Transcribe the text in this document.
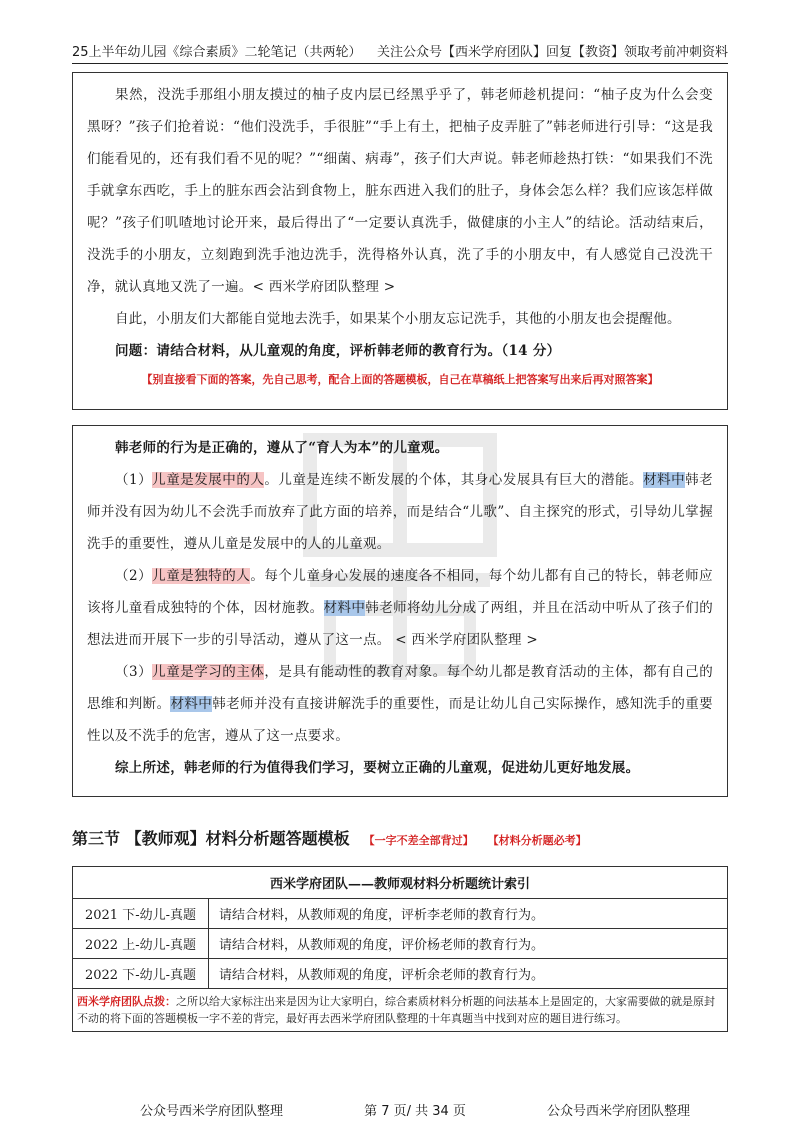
25上半年幼儿园《综合素质》二轮笔记（共两轮） 关注公众号【西米学府团队】回复【教资】领取考前冲刺资料

果然，没洗手那组小朋友摸过的柚子皮内层已经黑乎乎了，韩老师趁机提问：“柚子皮为什么会变黑呀？”孩子们抢着说：“他们没洗手，手很脏”“手上有土，把柚子皮弄脏了”韩老师进行引导：“这是我们能看见的，还有我们看不见的呢？”“细菌、病毒”，孩子们大声说。韩老师趁热打铁：“如果我们不洗手就拿东西吃，手上的脏东西会沾到食物上，脏东西进入我们的肚子，身体会怎么样？我们应该怎样做呢？”孩子们叽喳地讨论开来，最后得出了“一定要认真洗手，做健康的小主人”的结论。活动结束后，没洗手的小朋友，立刻跑到洗手池边洗手，洗得格外认真，洗了手的小朋友中，有人感觉自己没洗干净，就认真地又洗了一遍。< 西米学府团队整理 >

自此，小朋友们大都能自觉地去洗手，如果某个小朋友忘记洗手，其他的小朋友也会提醒他。

问题：请结合材料，从儿童观的角度，评析韩老师的教育行为。（14 分）

【别直接看下面的答案，先自己思考，配合上面的答题模板，自己在草稿纸上把答案写出来后再对照答案】

韩老师的行为是正确的，遵从了“育人为本”的儿童观。

（1）儿童是发展中的人。儿童是连续不断发展的个体，其身心发展具有巨大的潜能。材料中韩老师并没有因为幼儿不会洗手而放弃了此方面的培养，而是结合“儿歌”、自主探究的形式，引导幼儿掌握洗手的重要性，遵从儿童是发展中的人的儿童观。

（2）儿童是独特的人。每个儿童身心发展的速度各不相同，每个幼儿都有自己的特长，韩老师应该将儿童看成独特的个体，因材施教。材料中韩老师将幼儿分成了两组，并且在活动中听从了孩子们的想法进而开展下一步的引导活动，遵从了这一点。 < 西米学府团队整理 >

（3）儿童是学习的主体，是具有能动性的教育对象。每个幼儿都是教育活动的主体，都有自己的思维和判断。材料中韩老师并没有直接讲解洗手的重要性，而是让幼儿自己实际操作，感知洗手的重要性以及不洗手的危害，遵从了这一点要求。

综上所述，韩老师的行为值得我们学习，要树立正确的儿童观，促进幼儿更好地发展。

第三节 【教师观】材料分析题答题模板 【一字不差全部背过】 【材料分析题必考】
西米学府团队——教师观材料分析题统计索引	
2021 下-幼儿-真题	请结合材料，从教师观的角度，评析李老师的教育行为。
2022 上-幼儿-真题	请结合材料，从教师观的角度，评价杨老师的教育行为。
2022 下-幼儿-真题	请结合材料，从教师观的角度，评析余老师的教育行为。
西米学府团队点拨：之所以给大家标注出来是因为让大家明白，综合素质材料分析题的问法基本上是固定的，大家需要做的就是原封不动的将下面的答题模板一字不差的背完，最好再去西米学府团队整理的十年真题当中找到对应的题目进行练习。	
公众号西米学府团队整理	第 7 页/ 共 34 页	公众号西米学府团队整理
